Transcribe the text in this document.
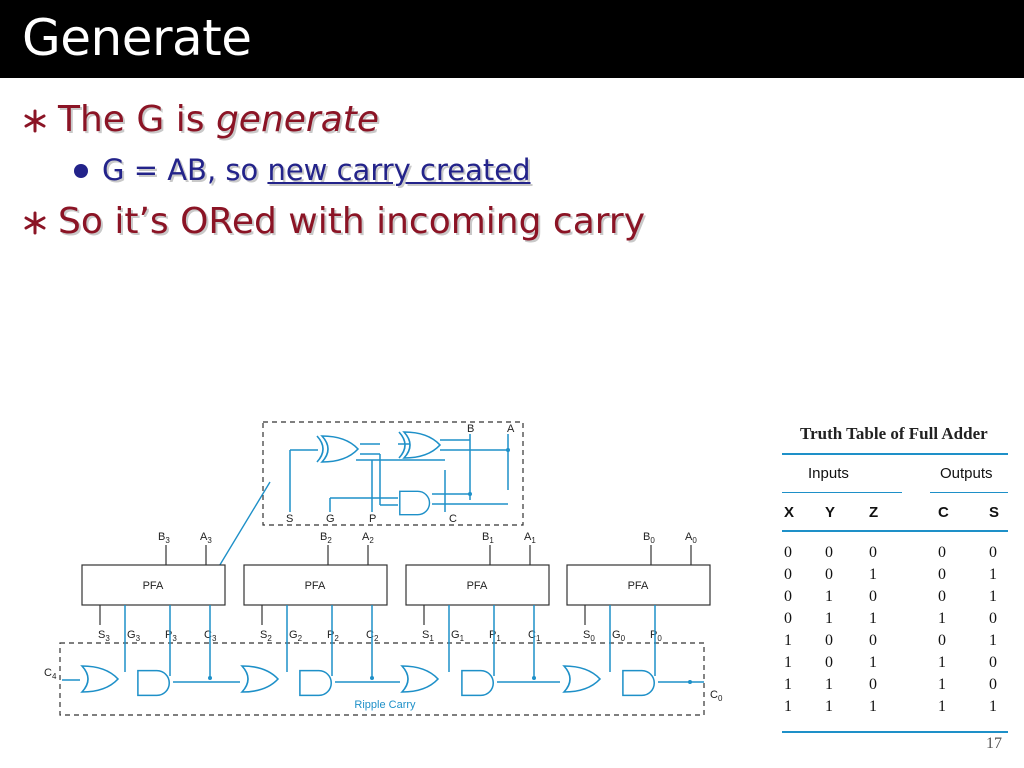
Generate
The G is generate
G = AB, so new carry created
So it’s ORed with incoming carry
B	A
S	G	P	C
PFA
$B_3$	$A_3$
$S_3$ $G_3$ $P_3$ $C_3$
PFA
$B_2$	$A_2$
$S_2$ $G_2$ $P_2$ $C_2$
PFA
$B_1$	$A_1$
$S_1$ $G_1$ $P_1$ $C_1$
PFA
$B_0$	$A_0$
$S_0$ $G_0$ $P_0$
Ripple Carry
$C_4$
$C_0$
Truth Table of Full Adder
Inputs	Outputs
X Y Z	C	S
0 0 0	0	0
0 0 1	0	1
0 1 0	0	1
0 1 1	1	0
1 0 0	0	1
1 0 1	1	0
1 1 0	1	0
1 1 1	1	1
17
